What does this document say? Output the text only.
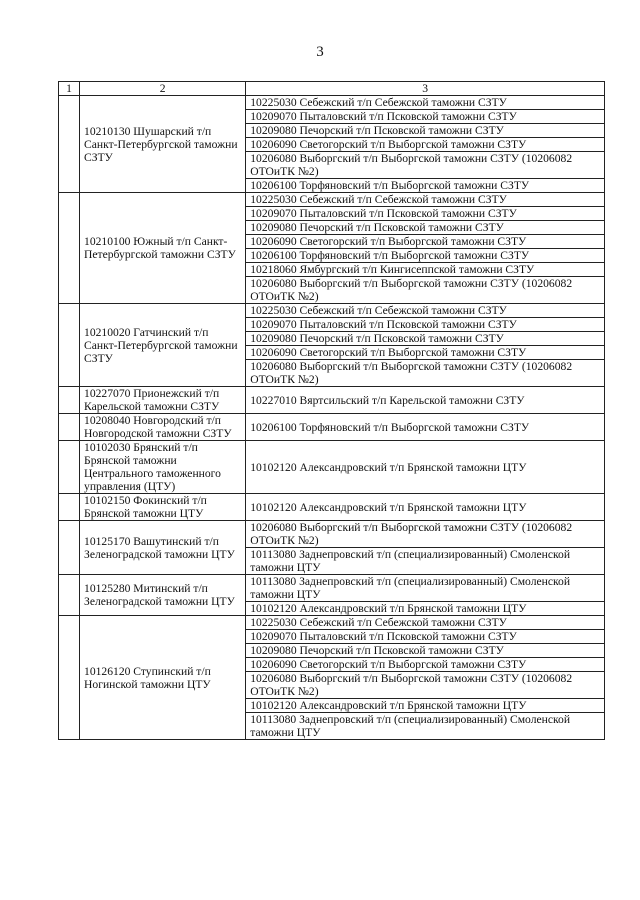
3
1	2	3
	10210130 Шушарский т/п Санкт-Петербургской таможни СЗТУ	10225030 Себежский т/п Себежской таможни СЗТУ
		10209070 Пыталовский т/п Псковской таможни СЗТУ
		10209080 Печорский т/п Псковской таможни СЗТУ
		10206090 Светогорский т/п Выборгской таможни СЗТУ
		10206080 Выборгский т/п Выборгской таможни СЗТУ (10206082 ОТОиТК №2)
		10206100 Торфяновский т/п Выборгской таможни СЗТУ
	10210100 Южный т/п Санкт-Петербургской таможни СЗТУ	10225030 Себежский т/п Себежской таможни СЗТУ
		10209070 Пыталовский т/п Псковской таможни СЗТУ
		10209080 Печорский т/п Псковской таможни СЗТУ
		10206090 Светогорский т/п Выборгской таможни СЗТУ
		10206100 Торфяновский т/п Выборгской таможни СЗТУ
		10218060 Ямбургский т/п Кингисеппской таможни СЗТУ
		10206080 Выборгский т/п Выборгской таможни СЗТУ (10206082 ОТОиТК №2)
	10210020 Гатчинский т/п Санкт-Петербургской таможни СЗТУ	10225030 Себежский т/п Себежской таможни СЗТУ
		10209070 Пыталовский т/п Псковской таможни СЗТУ
		10209080 Печорский т/п Псковской таможни СЗТУ
		10206090 Светогорский т/п Выборгской таможни СЗТУ
		10206080 Выборгский т/п Выборгской таможни СЗТУ (10206082 ОТОиТК №2)
	10227070 Прионежский т/п Карельской таможни СЗТУ	10227010 Вяртсильский т/п Карельской таможни СЗТУ
	10208040 Новгородский т/п Новгородской таможни СЗТУ	10206100 Торфяновский т/п Выборгской таможни СЗТУ
	10102030 Брянский т/п Брянской таможни Центрального таможенного управления (ЦТУ)	10102120 Александровский т/п Брянской таможни ЦТУ
	10102150 Фокинский т/п Брянской таможни ЦТУ	10102120 Александровский т/п Брянской таможни ЦТУ
	10125170 Вашутинский т/п Зеленоградской таможни ЦТУ	10206080 Выборгский т/п Выборгской таможни СЗТУ (10206082 ОТОиТК №2)
		10113080 Заднепровский т/п (специализированный) Смоленской таможни ЦТУ
	10125280 Митинский т/п Зеленоградской таможни ЦТУ	10113080 Заднепровский т/п (специализированный) Смоленской таможни ЦТУ
		10102120 Александровский т/п Брянской таможни ЦТУ
	10126120 Ступинский т/п Ногинской таможни ЦТУ	10225030 Себежский т/п Себежской таможни СЗТУ
		10209070 Пыталовский т/п Псковской таможни СЗТУ
		10209080 Печорский т/п Псковской таможни СЗТУ
		10206090 Светогорский т/п Выборгской таможни СЗТУ
		10206080 Выборгский т/п Выборгской таможни СЗТУ (10206082 ОТОиТК №2)
		10102120 Александровский т/п Брянской таможни ЦТУ
		10113080 Заднепровский т/п (специализированный) Смоленской таможни ЦТУ
